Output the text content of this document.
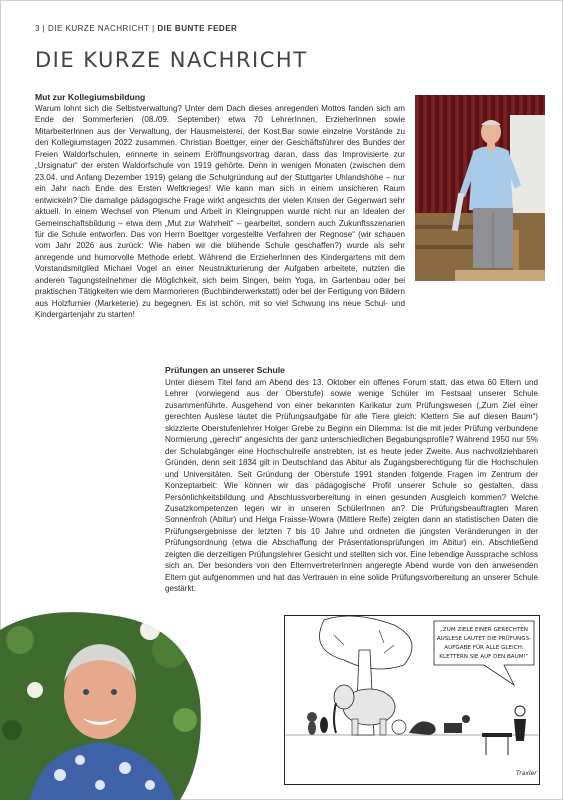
3 | DIE KURZE NACHRICHT | DIE BUNTE FEDER
DIE KURZE NACHRICHT
Mut zur Kollegiumsbildung
Warum lohnt sich die Selbstverwaltung? Unter dem Dach dieses anregenden Mottos fanden sich am Ende der Sommerferien (08./09. September) etwa 70 LehrerInnen, ErzieherInnen sowie MitarbeiterInnen aus der Verwaltung, der Hausmeisterei, der Kost.Bar sowie einzelne Vorstände zu den Kollegiumstagen 2022 zusammen. Christian Boettger, einer der Geschäftsführer des Bundes der Freien Waldorfschulen, erinnerte in seinem Eröffnungsvortrag daran, dass das Improvisierte zur „Ursignatur“ der ersten Waldorfschule von 1919 gehörte. Denn in wenigen Monaten (zwischen dem 23.04. und Anfang Dezember 1919) gelang die Schulgründung auf der Stuttgarter Uhlandshöhe – nur ein Jahr nach Ende des Ersten Weltkrieges! Wie kann man sich in einem unsicheren Raum entwickeln? Die damalige pädagogische Frage wirkt angesichts der vielen Krisen der Gegenwart sehr aktuell. In einem Wechsel von Plenum und Arbeit in Kleingruppen wurde nicht nur an Idealen der Gemeinschaftsbildung – etwa dem „Mut zur Wahrheit“ – gearbeitet, sondern auch Zukunftsszenarien für die Schule entworfen. Das von Herrn Boettger vorgestellte Verfahren der Regnose“ (wir schauen vom Jahr 2026 aus zurück: Wie haben wir die blühende Schule geschaffen?) wurde als sehr anregende und humorvolle Methode erlebt. Während die ErzieherInnen des Kindergartens mit dem Vorstandsmitglied Michael Vogel an einer Neustrukturierung der Aufgaben arbeitete, nutzten die anderen Tagungsteilnehmer die Möglichkeit, sich beim Singen, beim Yoga, im Gartenbau oder bei praktischen Tätigkeiten wie dem Marmorieren (Buchbinderwerkstatt) oder bei der Fertigung von Bildern aus Holzfurnier (Marketerie) zu begegnen. Es ist schön, mit so viel Schwung ins neue Schul- und Kindergartenjahr zu starten!
Prüfungen an unserer Schule
Unter diesem Titel fand am Abend des 13. Oktober ein offenes Forum statt, das etwa 60 Eltern und Lehrer (vorwiegend aus der Oberstufe) sowie wenige Schüler im Festsaal unserer Schule zusammenführte. Ausgehend von einer bekannten Karikatur zum Prüfungswesen („Zum Ziel einer gerechten Auslese lautet die Prüfungsaufgabe für alle Tiere gleich: Klettern Sie auf diesen Baum“) skizzierte Oberstufenlehrer Holger Grebe zu Beginn ein Dilemma: Ist die mit jeder Prüfung verbundene Normierung „gerecht“ angesichts der ganz unterschiedlichen Begabungsprofile? Während 1950 nur 5% der Schulabgänger eine Hochschulreife anstrebten, ist es heute jeder Zweite. Aus nachvollziehbaren Gründen, denn seit 1834 gilt in Deutschland das Abitur als Zugangsberechtigung für die Hochschulen und Universitäten. Seit Gründung der Oberstufe 1991 standen folgende Fragen im Zentrum der Konzeptarbeit: Wie können wir das pädagogische Profil unserer Schule so gestalten, dass Persönlichkeitsbildung und Abschlussvorbereitung in einen gesunden Ausgleich kommen? Welche Zusatzkompetenzen legen wir in unseren SchülerInnen an? Die Prüfungsbeauftragten Maren Sonnenfroh (Abitur) und Helga Fraisse-Wowra (Mittlere Reife) zeigten dann an statistischen Daten die Prüfungsergebnisse der letzten 7 bis 10 Jahre und ordneten die jüngsten Veränderungen in der Prüfungsordnung (etwa die Abschaffung der Präsentationsprüfungen im Abitur) ein. Abschließend zeigten die derzeitigen Prüfungslehrer Gesicht und stellten sich vor. Eine lebendige Aussprache schloss sich an. Der besonders von den ElternvertreterInnen angeregte Abend wurde von den anwesenden Eltern gut aufgenommen und hat das Vertrauen in eine solide Prüfungsvorbereitung an unserer Schule gestärkt.
„ZUM ZIELE EINER GERECHTEN
AUSLESE LAUTET DIE PRÜFUNGS-
AUFGABE FÜR ALLE GLEICH:
KLETTERN SIE AUF DEN BAUM!“
Traxler
